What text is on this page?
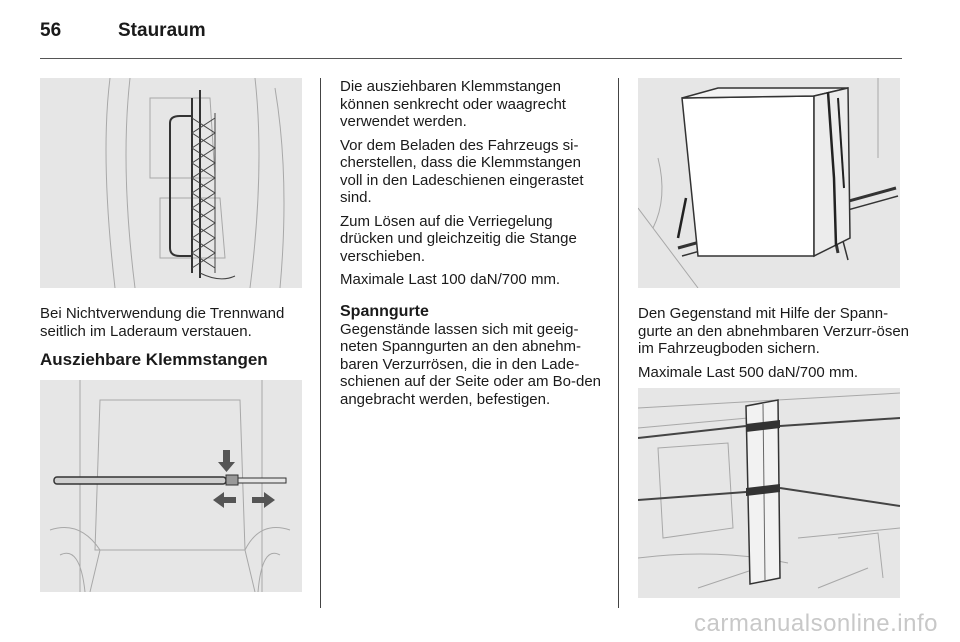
56	Stauraum
Bei Nichtverwendung die Trennwand seitlich im Laderaum verstauen.
Ausziehbare Klemmstangen

Die ausziehbaren Klemmstangen können senkrecht oder waagrecht verwendet werden.

Vor dem Beladen des Fahrzeugs si-cherstellen, dass die Klemmstangen voll in den Ladeschienen eingerastet sind.

Zum Lösen auf die Verriegelung drücken und gleichzeitig die Stange verschieben.

Maximale Last 100 daN/700 mm.

Spanngurte

Gegenstände lassen sich mit geeig-neten Spanngurten an den abnehm-baren Verzurrösen, die in den Lade-schienen auf der Seite oder am Bo-den angebracht werden, befestigen.

Den Gegenstand mit Hilfe der Spann-gurte an den abnehmbaren Verzurr-ösen im Fahrzeugboden sichern.

Maximale Last 500 daN/700 mm.

carmanualsonline.info
